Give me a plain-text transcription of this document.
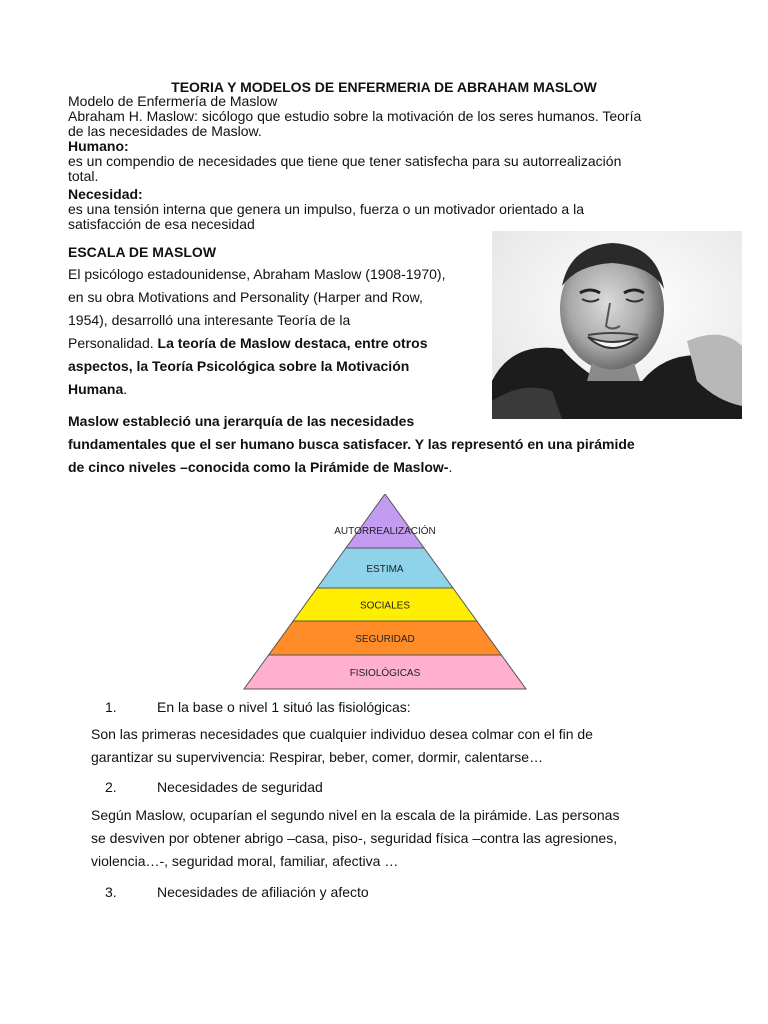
TEORIA Y MODELOS DE ENFERMERIA DE ABRAHAM MASLOW
Modelo de Enfermería de Maslow
Abraham H. Maslow: sicólogo que estudio sobre la motivación de los seres humanos. Teoría
de las necesidades de Maslow.
Humano:
es un compendio de necesidades que tiene que tener satisfecha para su autorrealización
total.
Necesidad:
es una tensión interna que genera un impulso, fuerza o un motivador orientado a la
satisfacción de esa necesidad
ESCALA DE MASLOW
El psicólogo estadounidense, Abraham Maslow (1908-1970),
en su obra Motivations and Personality (Harper and Row,
1954), desarrolló una interesante Teoría de la
Personalidad. La teoría de Maslow destaca, entre otros
aspectos, la Teoría Psicológica sobre la Motivación
Humana.
Maslow estableció una jerarquía de las necesidades
fundamentales que el ser humano busca satisfacer. Y las representó en una pirámide
de cinco niveles –conocida como la Pirámide de Maslow-.
AUTORREALIZACIÓN
ESTIMA
SOCIALES
SEGURIDAD
FISIOLÓGICAS
1.	En la base o nivel 1 situó las fisiológicas:
Son las primeras necesidades que cualquier individuo desea colmar con el fin de
garantizar su supervivencia: Respirar, beber, comer, dormir, calentarse…
2.	Necesidades de seguridad
Según Maslow, ocuparían el segundo nivel en la escala de la pirámide. Las personas
se desviven por obtener abrigo –casa, piso-, seguridad física –contra las agresiones,
violencia…-, seguridad moral, familiar, afectiva …
3.	Necesidades de afiliación y afecto
